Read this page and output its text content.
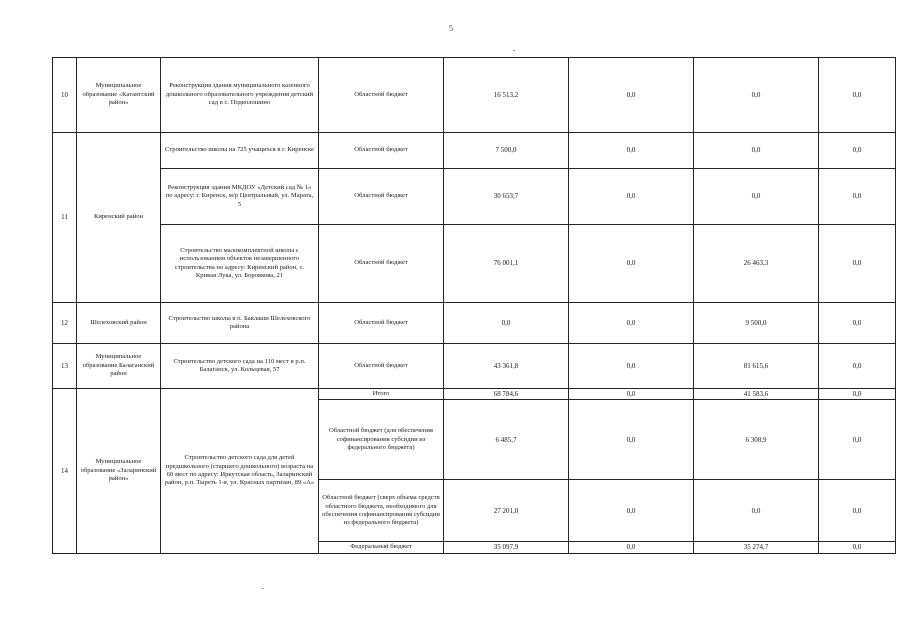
5
10	Муниципальное образование «Катангский район»	Реконструкция здания муниципального казенного дошкольного образовательного учреждения детский сад в с. Подволошино	Областной бюджет	16 513,2	0,0	0,0	0,0
11	Киренский район	Строительство школы на 725 учащихся в г. Киренске	Областной бюджет	7 500,0	0,0	0,0	0,0
		Реконструкция здания МКДОУ «Детский сад № 1» по адресу: г. Киренск, м/р Центральный, ул. Марата, 5	Областной бюджет	30 653,7	0,0	0,0	0,0
		Строительство малокомплектной школы с использованием объектов незавершенного строительства по адресу: Киренский район, с. Кривая Лука, ул. Боровкова, 21	Областной бюджет	76 001,1	0,0	26 463,3	0,0
12	Шелеховский район	Строительство школы в п. Баклаши Шелеховского района	Областной бюджет	0,0	0,0	9 500,0	0,0
13	Муниципальное образование Балаганский район	Строительство детского сада на 110 мест в р.п. Балаганск, ул. Кольцевая, 57	Областной бюджет	43 361,8	0,0	81 615,6	0,0
14	Муниципальное образование «Заларинский район»	Строительство детского сада для детей предшкольного (старшего дошкольного) возраста на 60 мест по адресу: Иркутская область, Заларинский район, р.п. Тыреть 1-я, ул. Красных партизан, 89 «А»	Итого	68 784,6	0,0	41 583,6	0,0
			Областной бюджет (для обеспечения софинансирования субсидии из федерального бюджета)	6 485,7	0,0	6 308,9	0,0
			Областной бюджет (сверх объема средств областного бюджета, необходимого для обеспечения софинансирования субсидии из федерального бюджета)	27 201,0	0,0	0,0	0,0
			Федеральный бюджет	35 097,9	0,0	35 274,7	0,0
